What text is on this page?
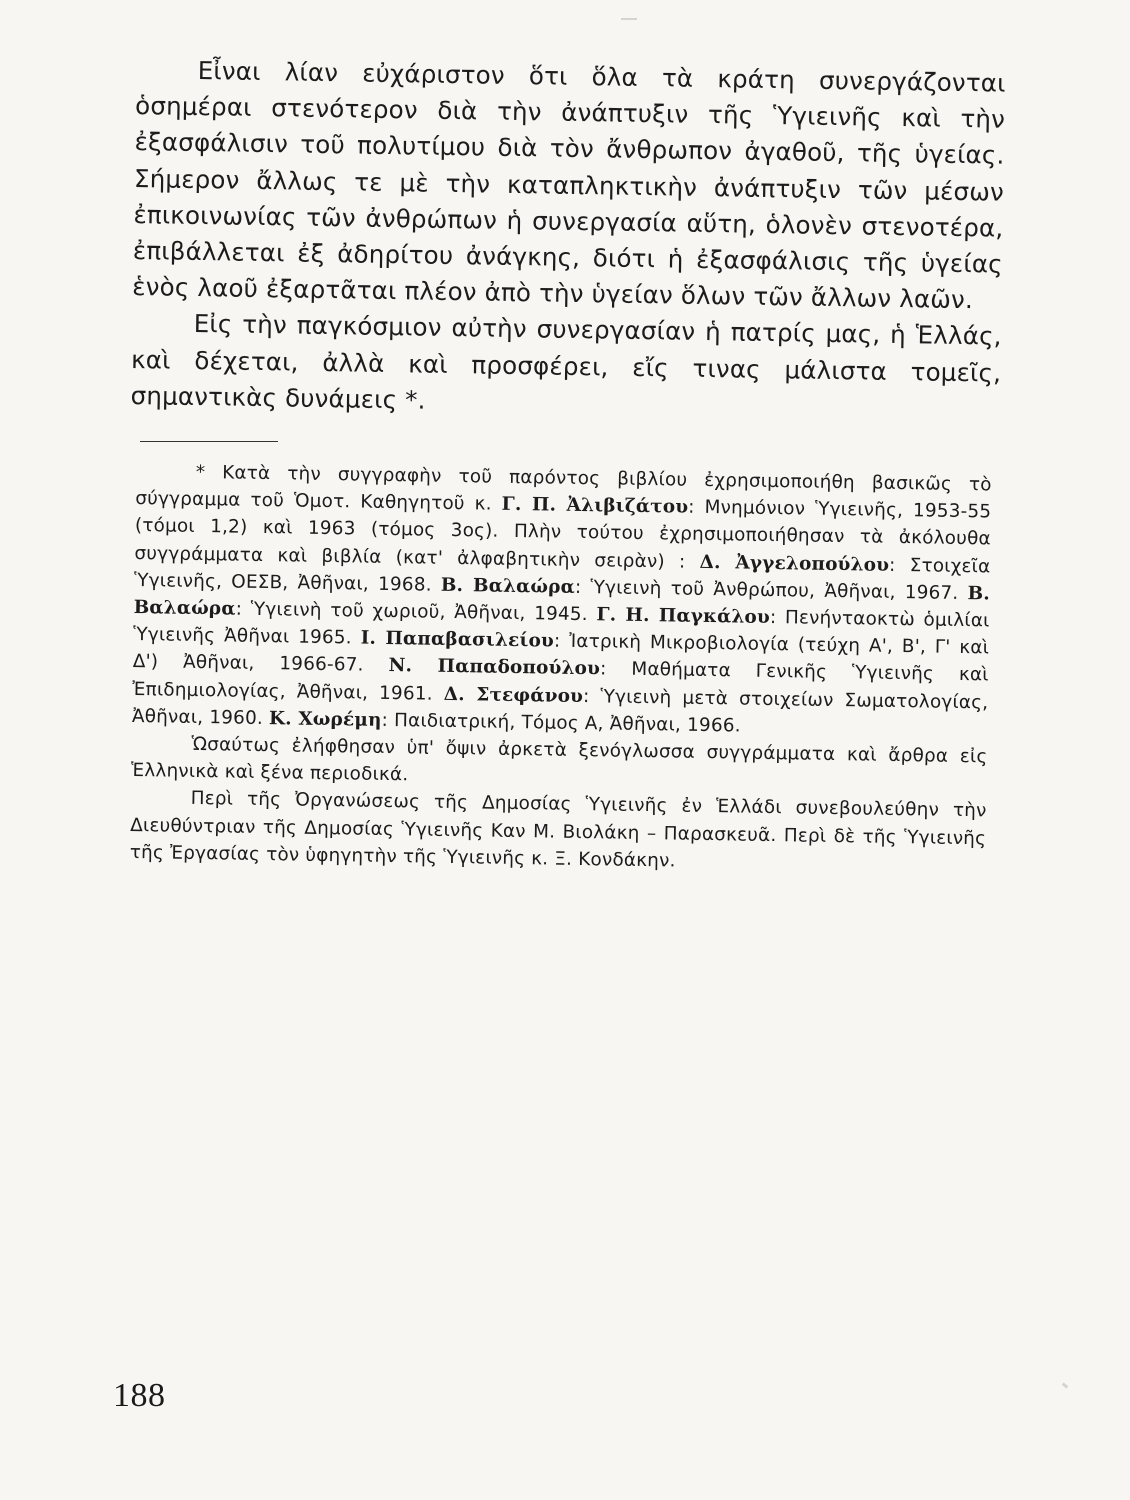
Εἶναι λίαν εὐχάριστον ὅτι ὅλα τὰ κράτη συνεργάζονται ὁσημέραι στενότερον διὰ τὴν ἀνάπτυξιν τῆς Ὑγιεινῆς καὶ τὴν ἐξασφάλισιν τοῦ πολυτίμου διὰ τὸν ἄνθρωπον ἀγαθοῦ, τῆς ὑγείας. Σήμερον ἄλλως τε μὲ τὴν καταπληκτικὴν ἀνάπτυξιν τῶν μέσων ἐπικοινωνίας τῶν ἀνθρώπων ἡ συνεργασία αὕτη, ὁλονὲν στενοτέρα, ἐπιβάλλεται ἐξ ἀδηρίτου ἀνάγκης, διότι ἡ ἐξασφάλισις τῆς ὑγείας ἑνὸς λαοῦ ἐξαρτᾶται πλέον ἀπὸ τὴν ὑγείαν ὅλων τῶν ἄλλων λαῶν.

Εἰς τὴν παγκόσμιον αὐτὴν συνεργασίαν ἡ πατρίς μας, ἡ Ἑλλάς, καὶ δέχεται, ἀλλὰ καὶ προσφέρει, εἴς τινας μάλιστα τομεῖς, σημαντικὰς δυνάμεις *.

* Κατὰ τὴν συγγραφὴν τοῦ παρόντος βιβλίου ἐχρησιμοποιήθη βασικῶς τὸ σύγγραμμα τοῦ Ὁμοτ. Καθηγητοῦ κ. Γ. Π. Ἀλιβιζάτου: Μνημόνιον Ὑγιεινῆς, 1953-55 (τόμοι 1,2) καὶ 1963 (τόμος 3ος). Πλὴν τούτου ἐχρησιμοποιήθησαν τὰ ἀκόλουθα συγγράμματα καὶ βιβλία (κατ' ἀλφαβητικὴν σειρὰν) : Δ. Ἀγγελοπούλου: Στοιχεῖα Ὑγιεινῆς, ΟΕΣΒ, Ἀθῆναι, 1968. Β. Βαλαώρα: Ὑγιεινὴ τοῦ Ἀνθρώπου, Ἀθῆναι, 1967. Β. Βαλαώρα: Ὑγιεινὴ τοῦ χωριοῦ, Ἀθῆναι, 1945. Γ. Η. Παγκάλου: Πενήνταοκτὼ ὁμιλίαι Ὑγιεινῆς Ἀθῆναι 1965. Ι. Παπαβασιλείου: Ἰατρικὴ Μικροβιολογία (τεύχη Α', Β', Γ' καὶ Δ') Ἀθῆναι, 1966-67. Ν. Παπαδοπούλου: Μαθήματα Γενικῆς Ὑγιεινῆς καὶ Ἐπιδημιολογίας, Ἀθῆναι, 1961. Δ. Στεφάνου: Ὑγιεινὴ μετὰ στοιχείων Σωματολογίας, Ἀθῆναι, 1960. Κ. Χωρέμη: Παιδιατρική, Τόμος Α, Ἀθῆναι, 1966.

Ὡσαύτως ἐλήφθησαν ὑπ' ὄψιν ἀρκετὰ ξενόγλωσσα συγγράμματα καὶ ἄρθρα εἰς Ἑλληνικὰ καὶ ξένα περιοδικά.

Περὶ τῆς Ὀργανώσεως τῆς Δημοσίας Ὑγιεινῆς ἐν Ἑλλάδι συνεβουλεύθην τὴν Διευθύντριαν τῆς Δημοσίας Ὑγιεινῆς Καν Μ. Βιολάκη – Παρασκευᾶ. Περὶ δὲ τῆς Ὑγιεινῆς τῆς Ἐργασίας τὸν ὑφηγητὴν τῆς Ὑγιεινῆς κ. Ξ. Κονδάκην.

188
